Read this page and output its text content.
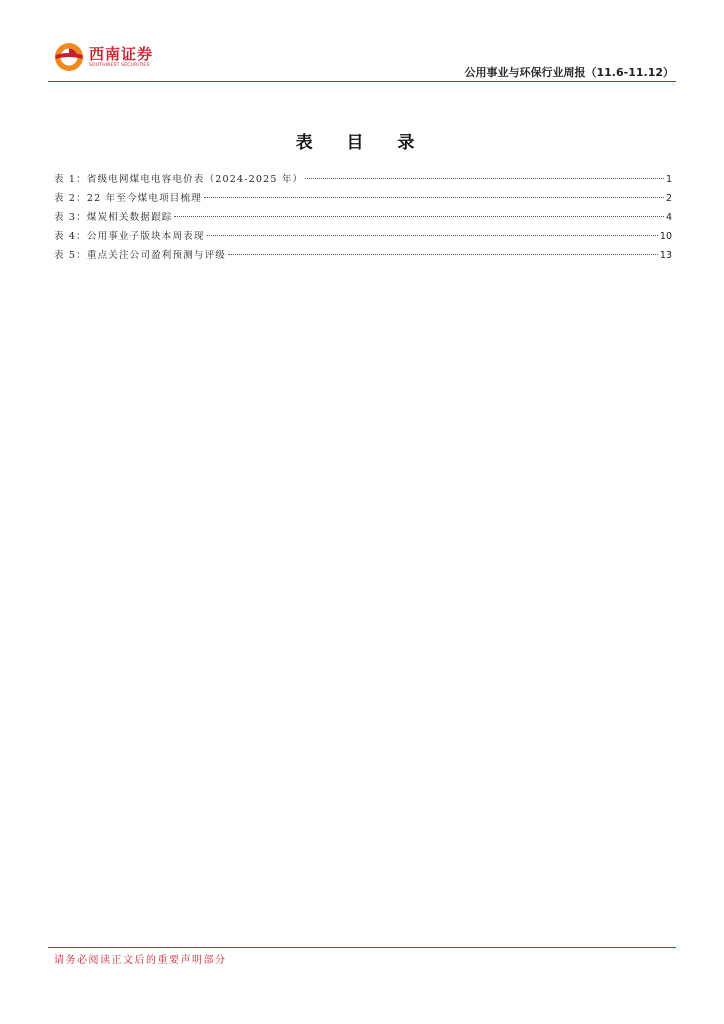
西南证券
SOUTHWEST SECURITIES
公用事业与环保行业周报（11.6-11.12）
表 目 录
表 1：省级电网煤电电容电价表（2024-2025 年）	1
表 2：22 年至今煤电项目梳理	2
表 3：煤炭相关数据跟踪	4
表 4：公用事业子版块本周表现	10
表 5：重点关注公司盈利预测与评级	13
请务必阅读正文后的重要声明部分
